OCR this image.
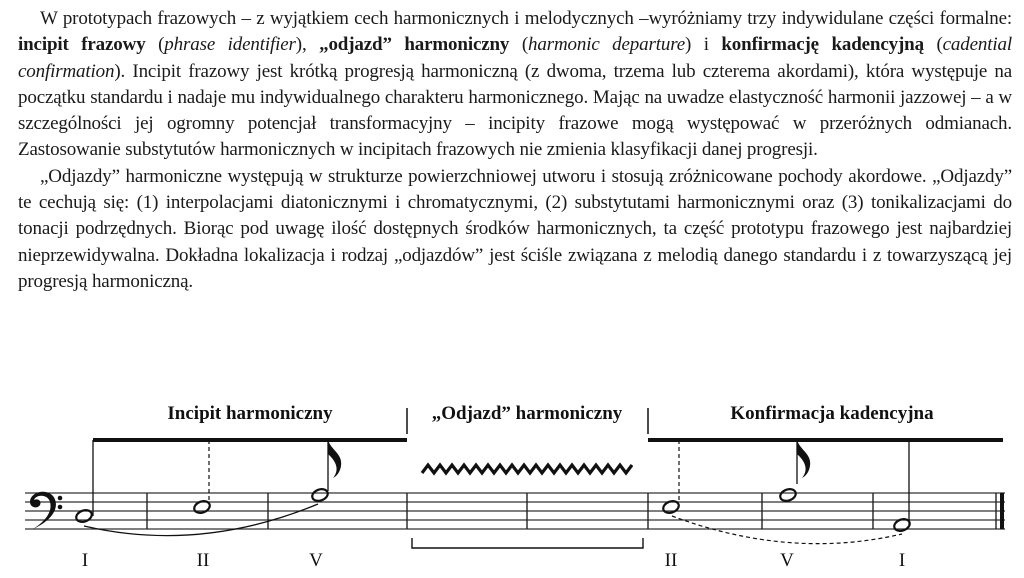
W prototypach frazowych – z wyjątkiem cech harmonicznych i melodycznych –wyróżniamy trzy indywidulane części formalne: incipit frazowy (phrase identifier), „odjazd” harmoniczny (harmonic departure) i konfirmację kadencyjną (cadential confirmation). Incipit frazowy jest krótką progresją harmoniczną (z dwoma, trzema lub czterema akordami), która występuje na początku standardu i nadaje mu indywidualnego charakteru harmonicznego. Mając na uwadze elastyczność harmonii jazzowej – a w szczególności jej ogromny potencjał transformacyjny – incipity frazowe mogą występować w przeróżnych odmianach. Zastosowanie substytutów harmonicznych w incipitach frazowych nie zmienia klasyfikacji danej progresji.

„Odjazdy” harmoniczne występują w strukturze powierzchniowej utworu i stosują zróżnicowane pochody akordowe. „Odjazdy” te cechują się: (1) interpolacjami diatonicznymi i chromatycznymi, (2) substytutami harmonicznymi oraz (3) tonikalizacjami do tonacji podrzędnych. Biorąc pod uwagę ilość dostępnych środków harmonicznych, ta część prototypu frazowego jest najbardziej nieprzewidywalna. Dokładna lokalizacja i rodzaj „odjazdów” jest ściśle związana z melodią danego standardu i z towarzyszącą jej progresją harmoniczną.

Incipit harmoniczny	„Odjazd” harmoniczny	Konfirmacja kadencyjna
I	II	V	II	V	I
